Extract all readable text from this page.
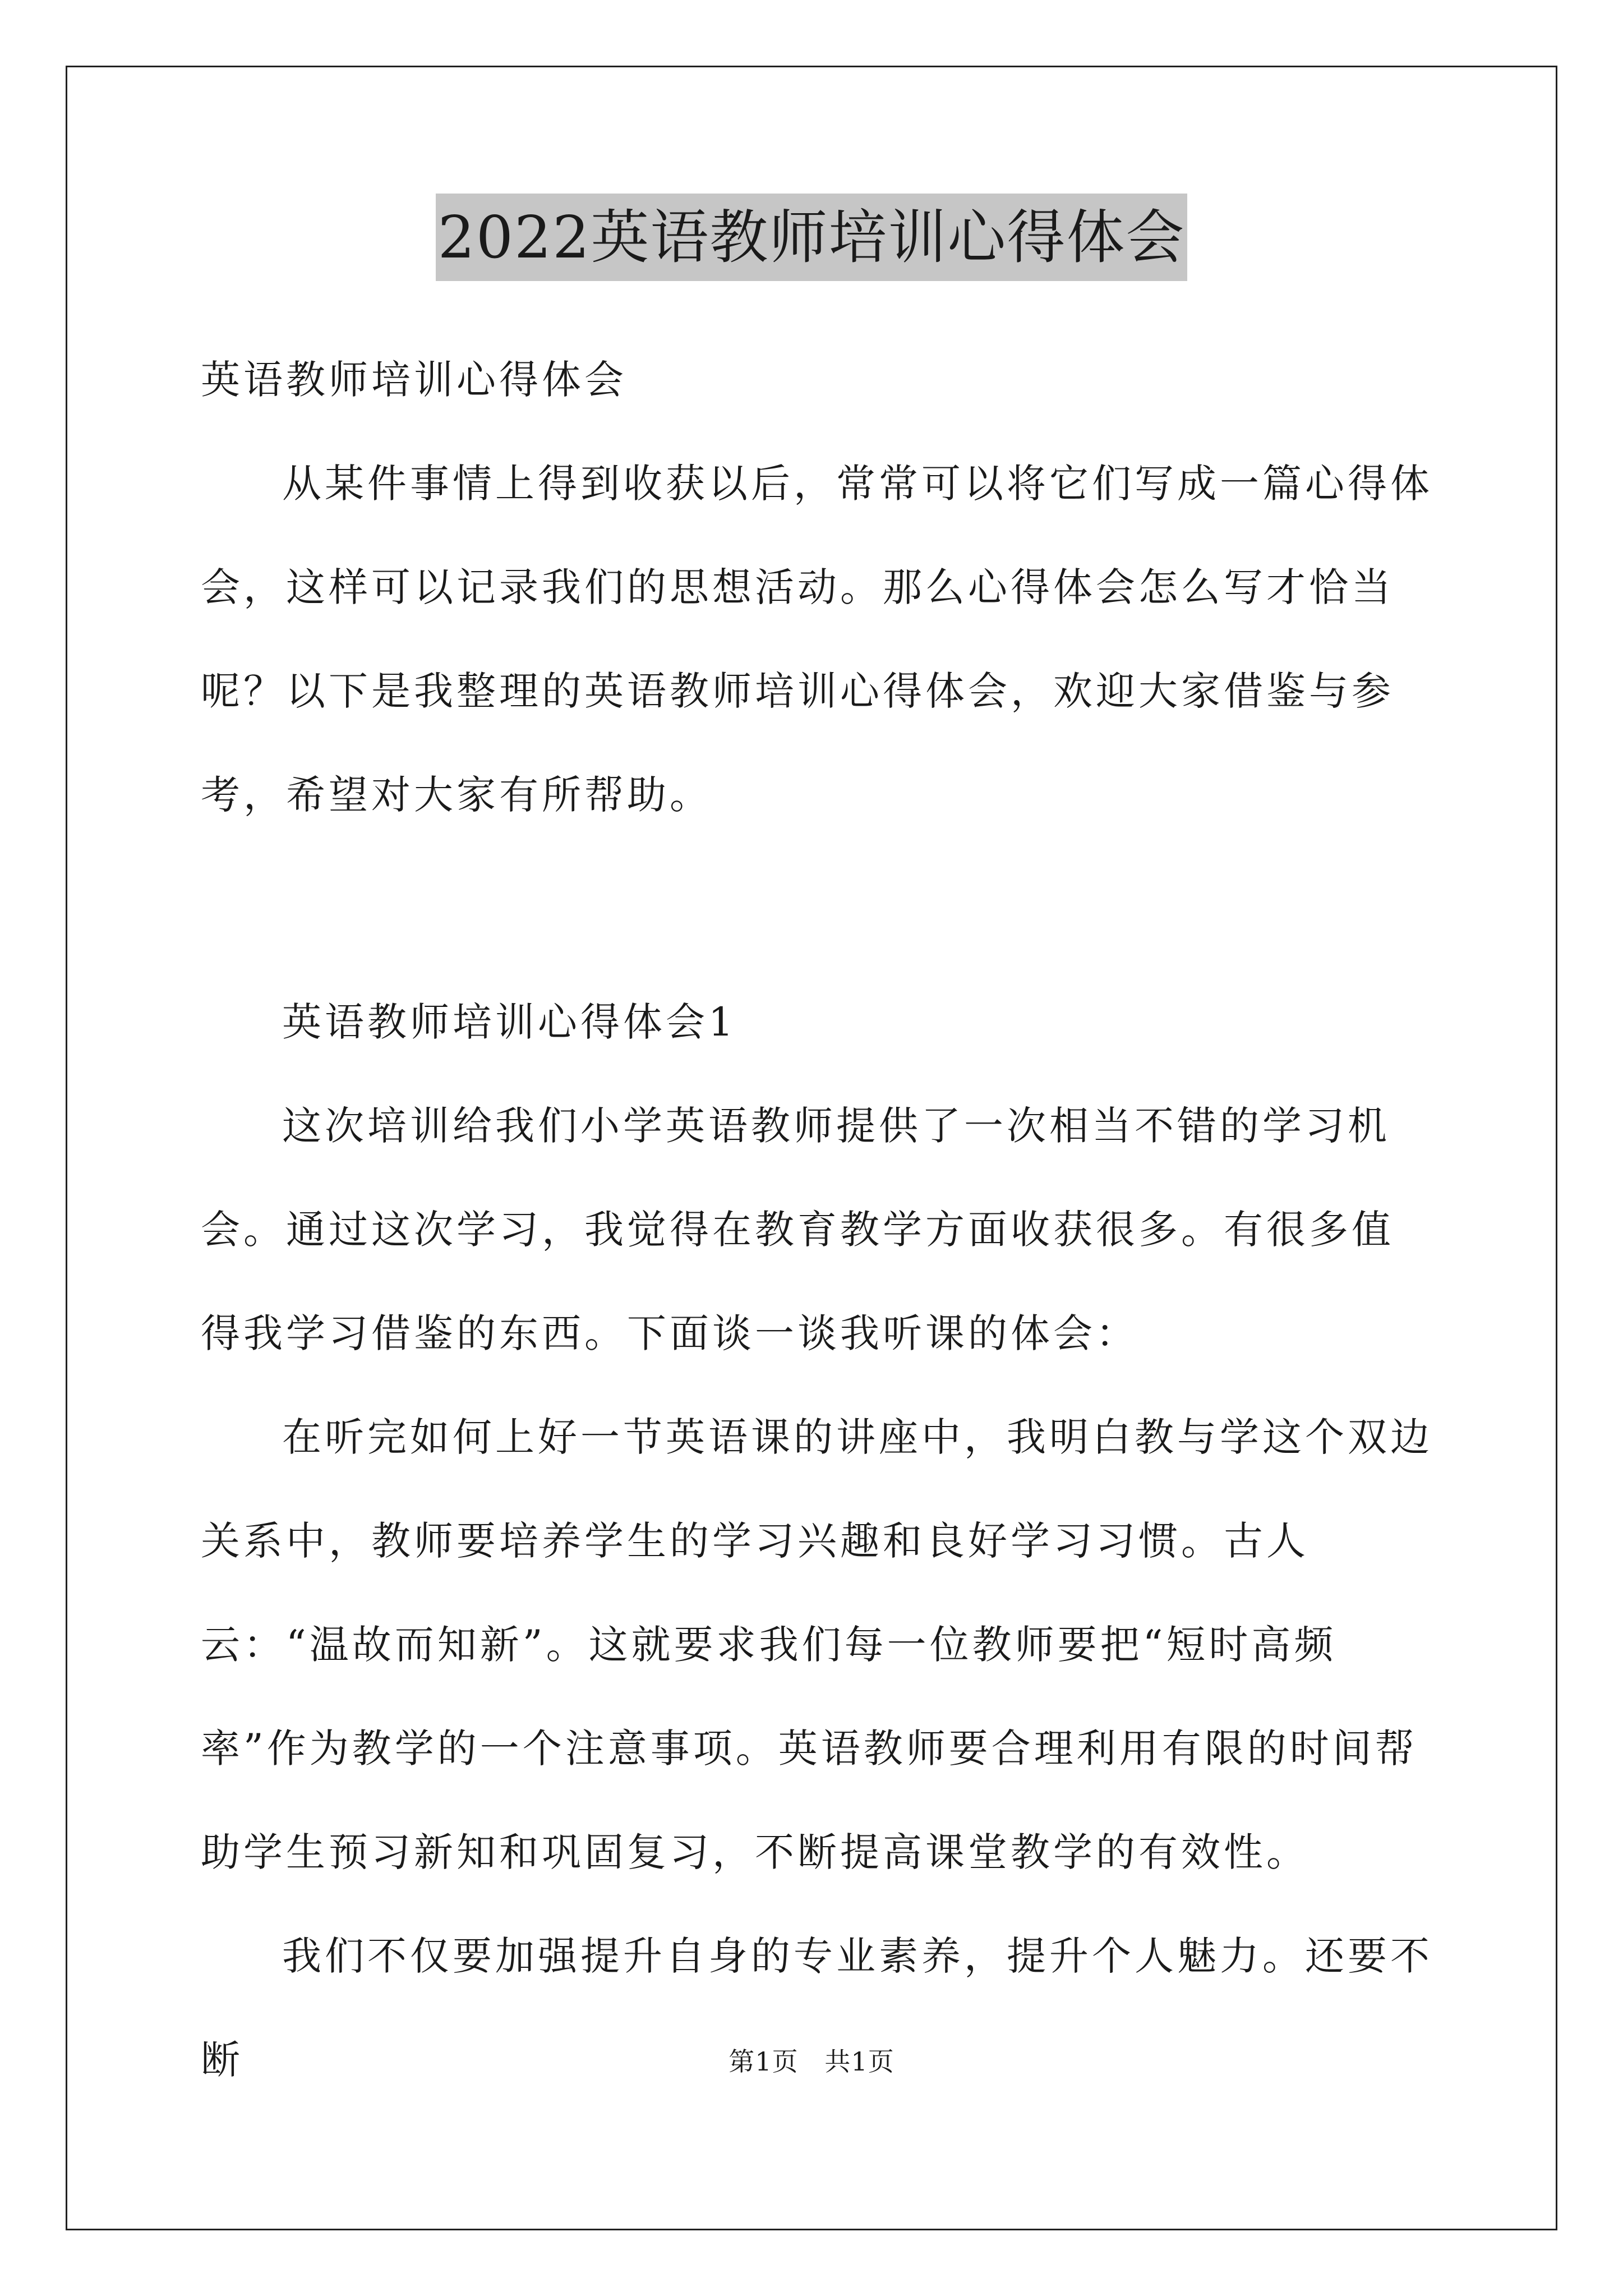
2022英语教师培训心得体会

英语教师培训心得体会

从某件事情上得到收获以后，常常可以将它们写成一篇心得体会，这样可以记录我们的思想活动。那么心得体会怎么写才恰当呢？以下是我整理的英语教师培训心得体会，欢迎大家借鉴与参考，希望对大家有所帮助。

英语教师培训心得体会1

这次培训给我们小学英语教师提供了一次相当不错的学习机会。通过这次学习，我觉得在教育教学方面收获很多。有很多值得我学习借鉴的东西。下面谈一谈我听课的体会：

在听完如何上好一节英语课的讲座中，我明白教与学这个双边关系中，教师要培养学生的学习兴趣和良好学习习惯。古人云：“温故而知新”。这就要求我们每一位教师要把“短时高频率”作为教学的一个注意事项。英语教师要合理利用有限的时间帮助学生预习新知和巩固复习，不断提高课堂教学的有效性。

我们不仅要加强提升自身的专业素养，提升个人魅力。还要不断	第1页   共1页
